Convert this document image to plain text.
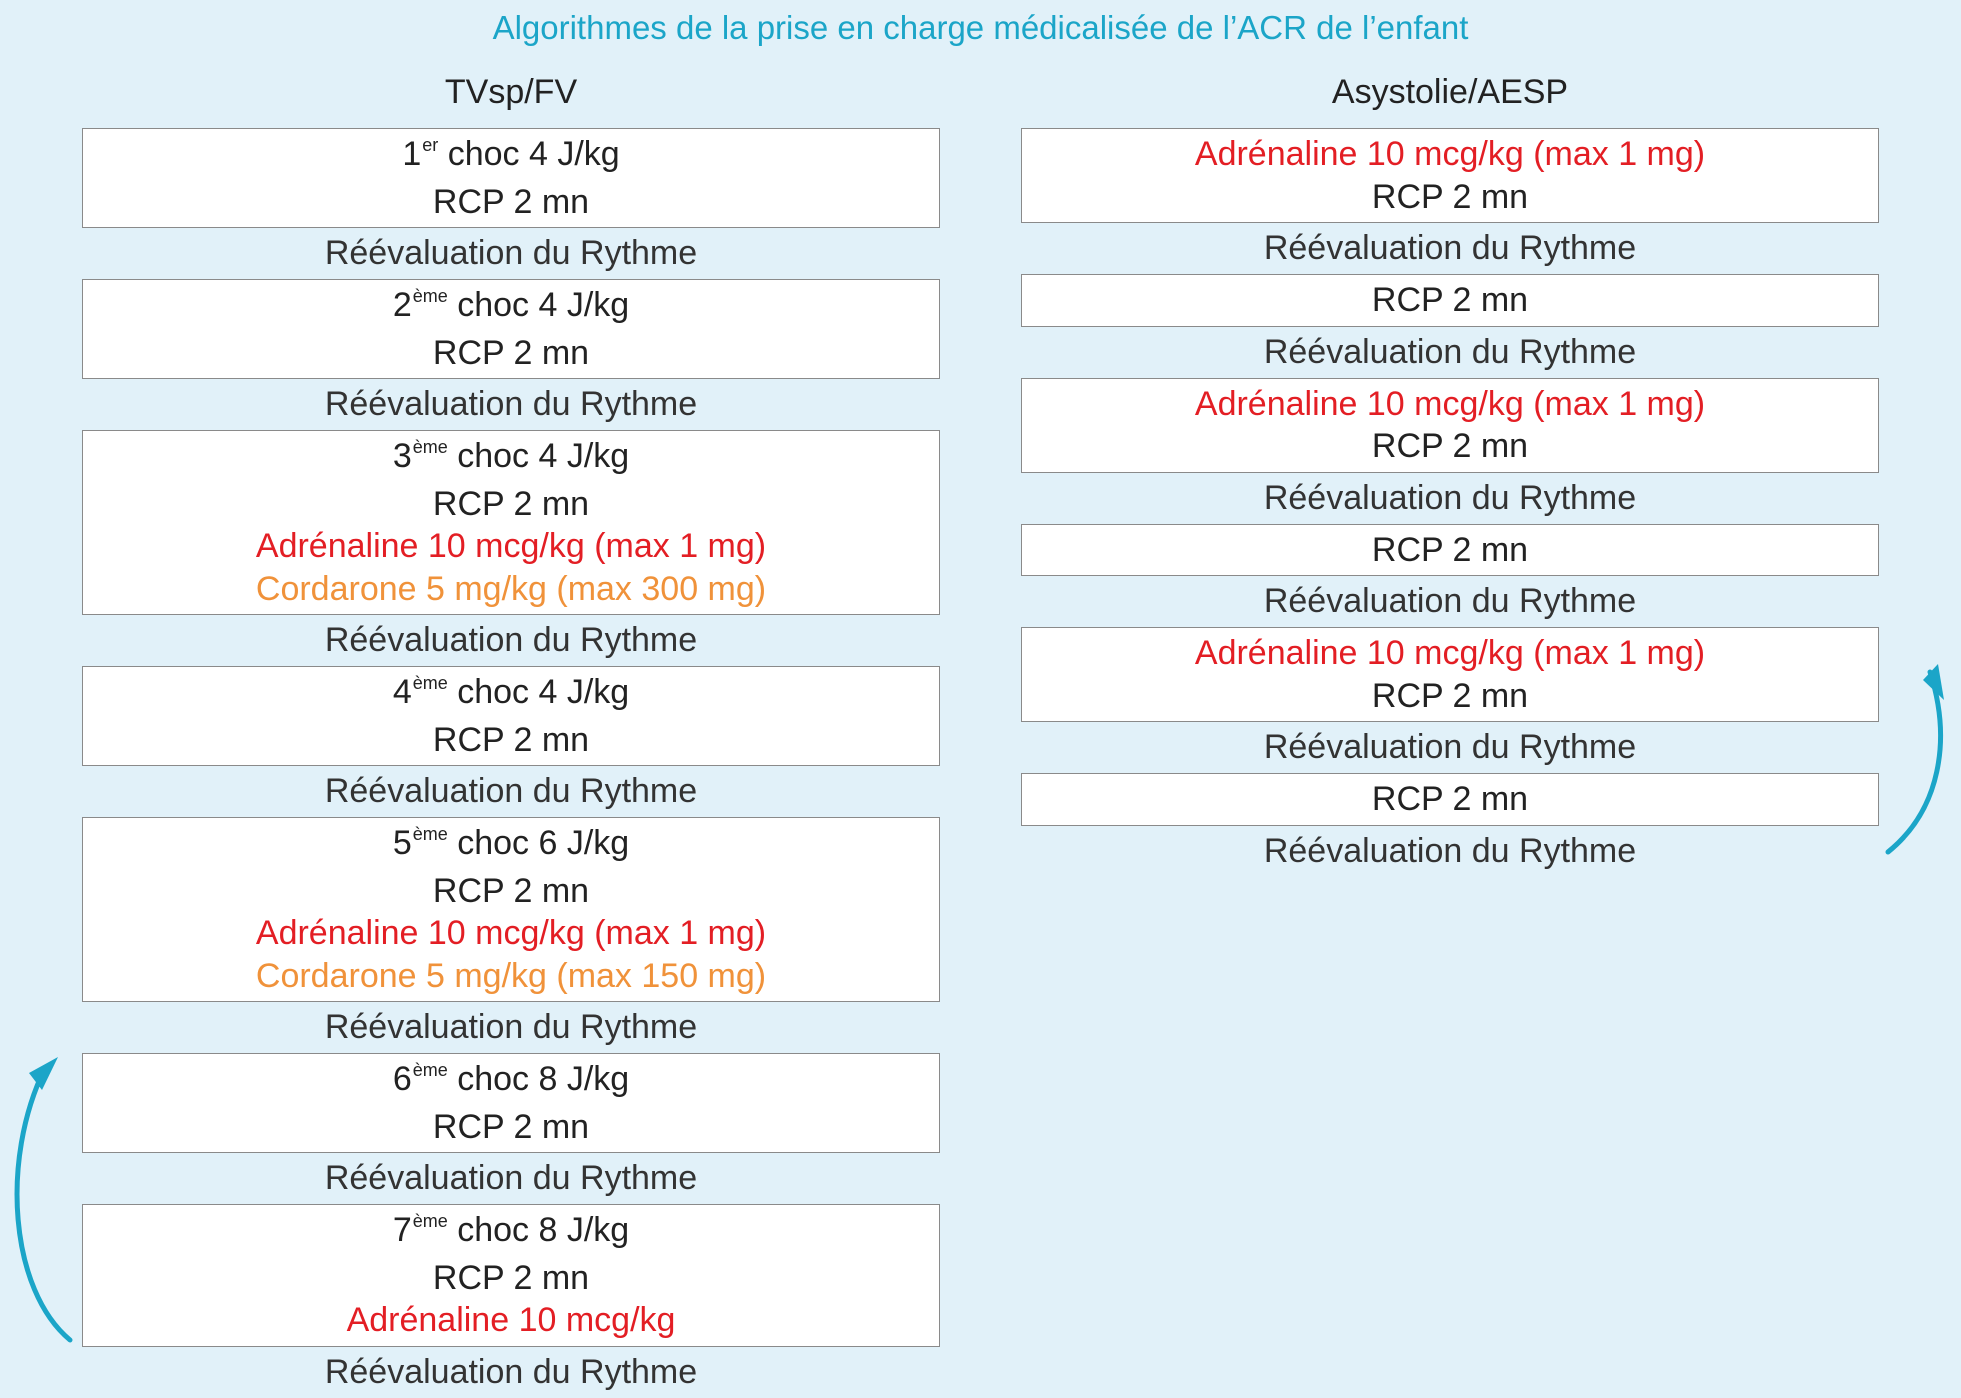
Algorithmes de la prise en charge médicalisée de l’ACR de l’enfant
TVsp/FV
1er choc 4 J/kg
RCP 2 mn
Réévaluation du Rythme
2ème choc 4 J/kg
RCP 2 mn
Réévaluation du Rythme
3ème choc 4 J/kg
RCP 2 mn
Adrénaline 10 mcg/kg (max 1 mg)
Cordarone 5 mg/kg (max 300 mg)
Réévaluation du Rythme
4ème choc 4 J/kg
RCP 2 mn
Réévaluation du Rythme
5ème choc 6 J/kg
RCP 2 mn
Adrénaline 10 mcg/kg (max 1 mg)
Cordarone 5 mg/kg (max 150 mg)
Réévaluation du Rythme
6ème choc 8 J/kg
RCP 2 mn
Réévaluation du Rythme
7ème choc 8 J/kg
RCP 2 mn
Adrénaline 10 mcg/kg
Réévaluation du Rythme
Asystolie/AESP
Adrénaline 10 mcg/kg (max 1 mg)
RCP 2 mn
Réévaluation du Rythme
RCP 2 mn
Réévaluation du Rythme
Adrénaline 10 mcg/kg (max 1 mg)
RCP 2 mn
Réévaluation du Rythme
RCP 2 mn
Réévaluation du Rythme
Adrénaline 10 mcg/kg (max 1 mg)
RCP 2 mn
Réévaluation du Rythme
RCP 2 mn
Réévaluation du Rythme
